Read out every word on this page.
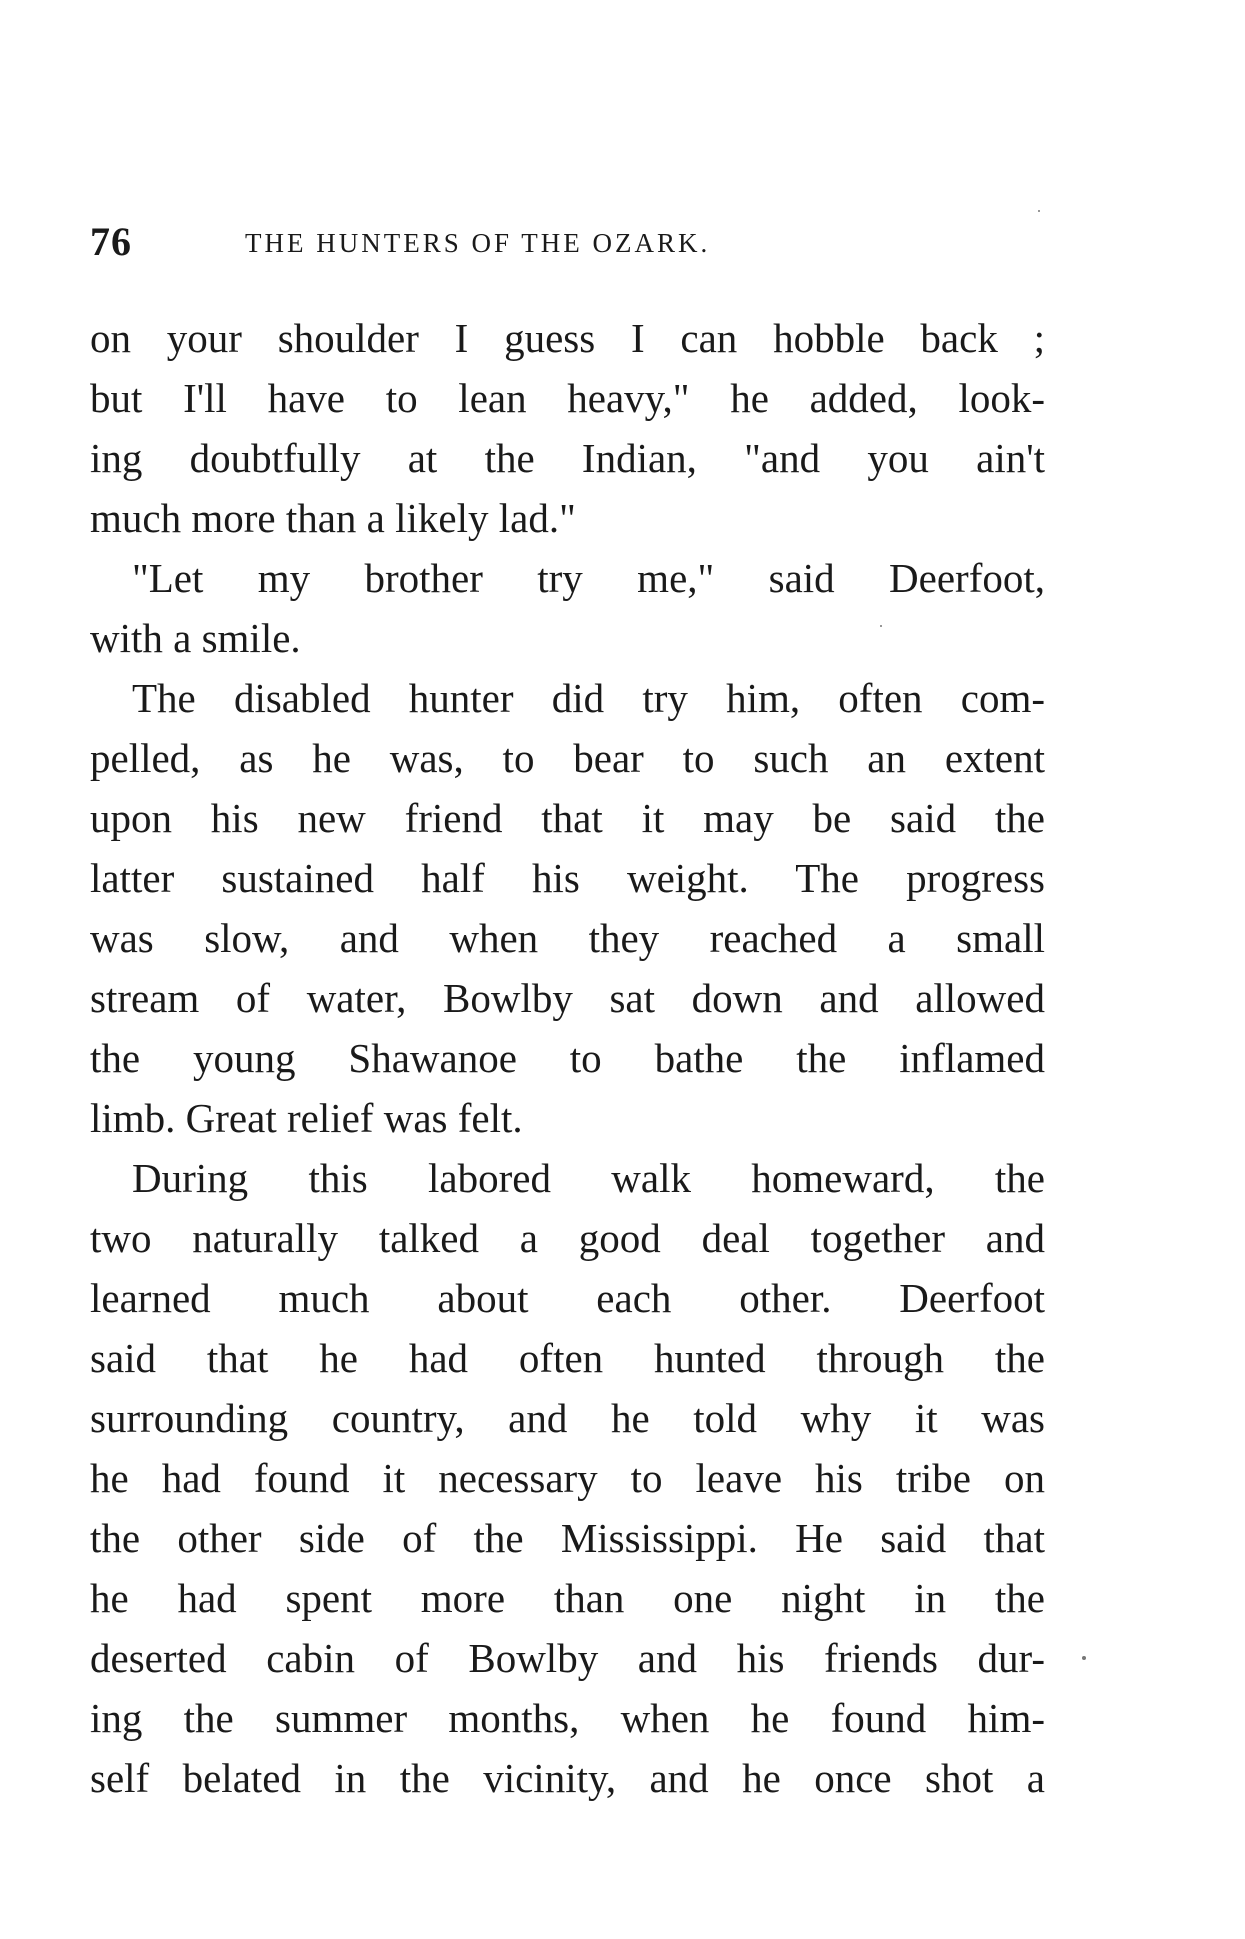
76	THE HUNTERS OF THE OZARK.
on your shoulder I guess I can hobble back ;
but I'll have to lean heavy," he added, look-
ing doubtfully at the Indian, "and you ain't
much more than a likely lad."
"Let my brother try me," said Deerfoot,
with a smile.
The disabled hunter did try him, often com-
pelled, as he was, to bear to such an extent
upon his new friend that it may be said the
latter sustained half his weight. The progress
was slow, and when they reached a small
stream of water, Bowlby sat down and allowed
the young Shawanoe to bathe the inflamed
limb. Great relief was felt.
During this labored walk homeward, the
two naturally talked a good deal together and
learned much about each other. Deerfoot
said that he had often hunted through the
surrounding country, and he told why it was
he had found it necessary to leave his tribe on
the other side of the Mississippi. He said that
he had spent more than one night in the
deserted cabin of Bowlby and his friends dur-
ing the summer months, when he found him-
self belated in the vicinity, and he once shot a
